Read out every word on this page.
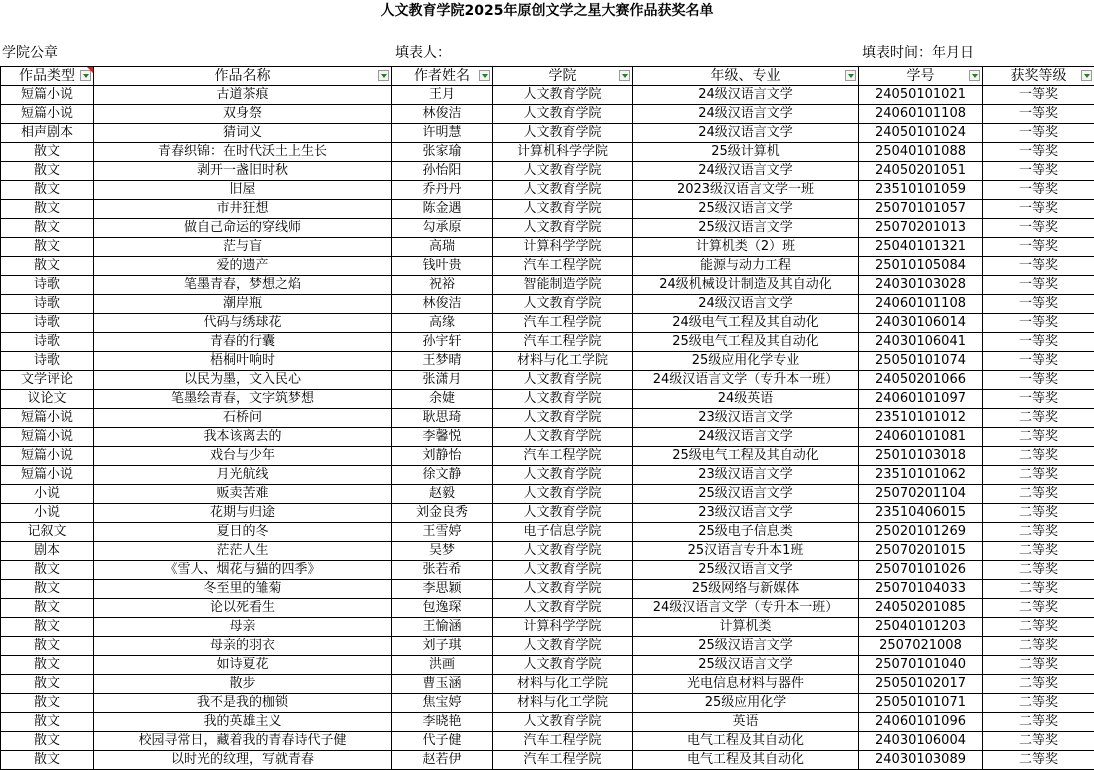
人文教育学院2025年原创文学之星大赛作品获奖名单
学院公章	填表人：	填表时间：年月日
作品类型	作品名称	作者姓名	学院	年级、专业	学号	获奖等级

短篇小说	古道茶痕	王月	人文教育学院	24级汉语言文学	24050101021	一等奖
短篇小说	双身祭	林俊洁	人文教育学院	24级汉语言文学	24060101108	一等奖
相声剧本	猜词义	许明慧	人文教育学院	24级汉语言文学	24050101024	一等奖
散文	青春织锦：在时代沃土上生长	张家瑜	计算机科学学院	25级计算机	25040101088	一等奖
散文	剥开一盏旧时秋	孙怡阳	人文教育学院	24级汉语言文学	24050201051	一等奖
散文	旧屋	乔丹丹	人文教育学院	2023级汉语言文学一班	23510101059	一等奖
散文	市井狂想	陈金遇	人文教育学院	25级汉语言文学	25070101057	一等奖
散文	做自己命运的穿线师	勾承原	人文教育学院	25级汉语言文学	25070201013	一等奖
散文	茫与盲	高瑞	计算科学学院	计算机类（2）班	25040101321	一等奖
散文	爱的遗产	钱叶贵	汽车工程学院	能源与动力工程	25010105084	一等奖
诗歌	笔墨青春，梦想之焰	祝裕	智能制造学院	24级机械设计制造及其自动化	24030103028	一等奖
诗歌	潮岸瓶	林俊洁	人文教育学院	24级汉语言文学	24060101108	一等奖
诗歌	代码与绣球花	高缘	汽车工程学院	24级电气工程及其自动化	24030106014	一等奖
诗歌	青春的行囊	孙宇轩	汽车工程学院	25级电气工程及其自动化	24030106041	一等奖
诗歌	梧桐叶响时	王梦晴	材料与化工学院	25级应用化学专业	25050101074	一等奖
文学评论	以民为墨，文入民心	张潇月	人文教育学院	24级汉语言文学（专升本一班）	24050201066	一等奖
议论文	笔墨绘青春，文字筑梦想	余婕	人文教育学院	24级英语	24060101097	一等奖
短篇小说	石桥问	耿思琦	人文教育学院	23级汉语言文学	23510101012	二等奖
短篇小说	我本该离去的	李馨悦	人文教育学院	24级汉语言文学	24060101081	二等奖
短篇小说	戏台与少年	刘静怡	汽车工程学院	25级电气工程及其自动化	25010103018	二等奖
短篇小说	月光航线	徐文静	人文教育学院	23级汉语言文学	23510101062	二等奖
小说	贩卖苦难	赵毅	人文教育学院	25级汉语言文学	25070201104	二等奖
小说	花期与归途	刘金良秀	人文教育学院	23级汉语言文学	23510406015	二等奖
记叙文	夏日的冬	王雪婷	电子信息学院	25级电子信息类	25020101269	二等奖
剧本	茫茫人生	吴梦	人文教育学院	25汉语言专升本1班	25070201015	二等奖
散文	《雪人、烟花与猫的四季》	张若希	人文教育学院	25级汉语言文学	25070101026	二等奖
散文	冬至里的雏菊	李思颖	人文教育学院	25级网络与新媒体	25070104033	二等奖
散文	论以死看生	包逸琛	人文教育学院	24级汉语言文学（专升本一班）	24050201085	二等奖
散文	母亲	王愉涵	计算科学学院	计算机类	25040101203	二等奖
散文	母亲的羽衣	刘子琪	人文教育学院	25级汉语言文学	2507021008	二等奖
散文	如诗夏花	洪画	人文教育学院	25级汉语言文学	25070101040	二等奖
散文	散步	曹玉涵	材料与化工学院	光电信息材料与器件	25050102017	二等奖
散文	我不是我的枷锁	焦宝婷	材料与化工学院	25级应用化学	25050101071	二等奖
散文	我的英雄主义	李晓艳	人文教育学院	英语	24060101096	二等奖
散文	校园寻常日，藏着我的青春诗代子健	代子健	汽车工程学院	电气工程及其自动化	24030106004	二等奖
散文	以时光的纹理，写就青春	赵若伊	汽车工程学院	电气工程及其自动化	24030103089	二等奖
